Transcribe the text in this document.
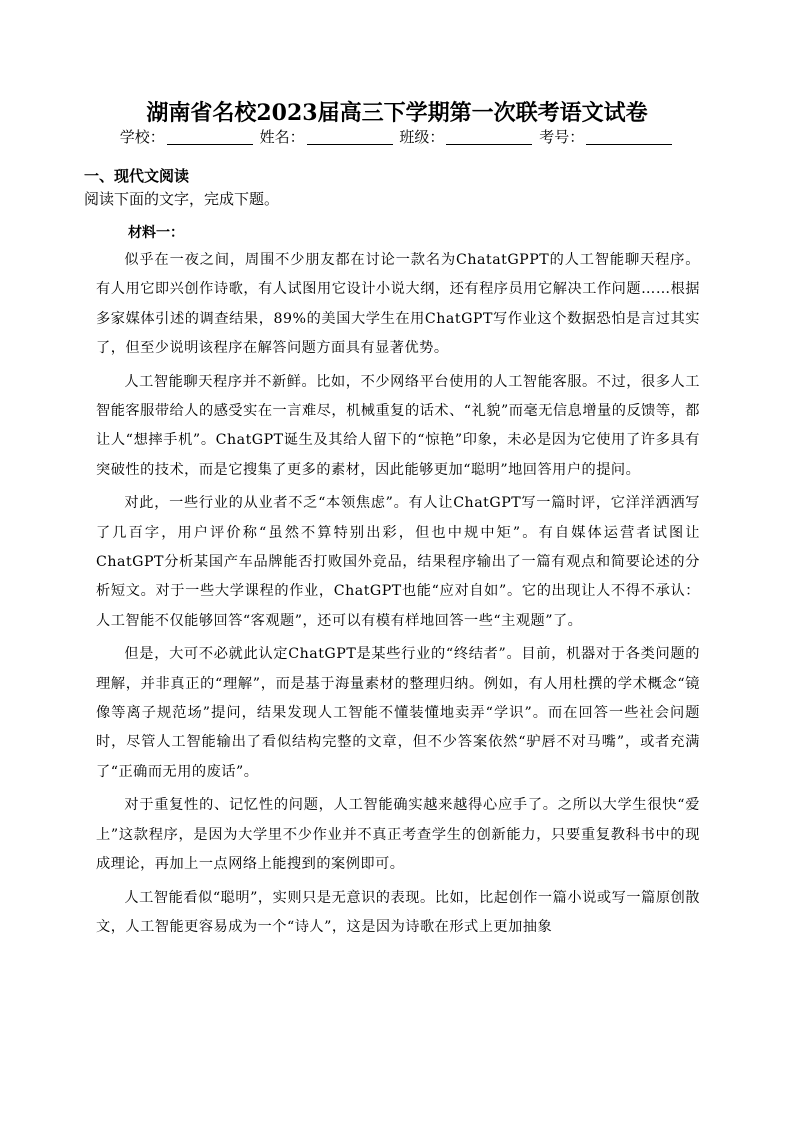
湖南省名校2023届高三下学期第一次联考语文试卷
学校：	姓名：	班级：	考号：
一、现代文阅读
阅读下面的文字，完成下题。
材料一：

似乎在一夜之间，周围不少朋友都在讨论一款名为ChatatGPPT的人工智能聊天程序。有人用它即兴创作诗歌，有人试图用它设计小说大纲，还有程序员用它解决工作问题……根据多家媒体引述的调查结果，89%的美国大学生在用ChatGPT写作业这个数据恐怕是言过其实了，但至少说明该程序在解答问题方面具有显著优势。

人工智能聊天程序并不新鲜。比如，不少网络平台使用的人工智能客服。不过，很多人工智能客服带给人的感受实在一言难尽，机械重复的话术、“礼貌”而毫无信息增量的反馈等，都让人“想摔手机”。ChatGPT诞生及其给人留下的“惊艳”印象，未必是因为它使用了许多具有突破性的技术，而是它搜集了更多的素材，因此能够更加“聪明”地回答用户的提问。

对此，一些行业的从业者不乏“本领焦虑”。有人让ChatGPT写一篇时评，它洋洋洒洒写了几百字，用户评价称“虽然不算特别出彩，但也中规中矩”。有自媒体运营者试图让ChatGPT分析某国产车品牌能否打败国外竞品，结果程序输出了一篇有观点和简要论述的分析短文。对于一些大学课程的作业，ChatGPT也能“应对自如”。它的出现让人不得不承认：人工智能不仅能够回答“客观题”，还可以有模有样地回答一些“主观题”了。

但是，大可不必就此认定ChatGPT是某些行业的“终结者”。目前，机器对于各类问题的理解，并非真正的“理解”，而是基于海量素材的整理归纳。例如，有人用杜撰的学术概念“镜像等离子规范场”提问，结果发现人工智能不懂装懂地卖弄“学识”。而在回答一些社会问题时，尽管人工智能输出了看似结构完整的文章，但不少答案依然“驴唇不对马嘴”，或者充满了“正确而无用的废话”。

对于重复性的、记忆性的问题，人工智能确实越来越得心应手了。之所以大学生很快“爱上”这款程序，是因为大学里不少作业并不真正考查学生的创新能力，只要重复教科书中的现成理论，再加上一点网络上能搜到的案例即可。

人工智能看似“聪明”，实则只是无意识的表现。比如，比起创作一篇小说或写一篇原创散文，人工智能更容易成为一个“诗人”，这是因为诗歌在形式上更加抽象
